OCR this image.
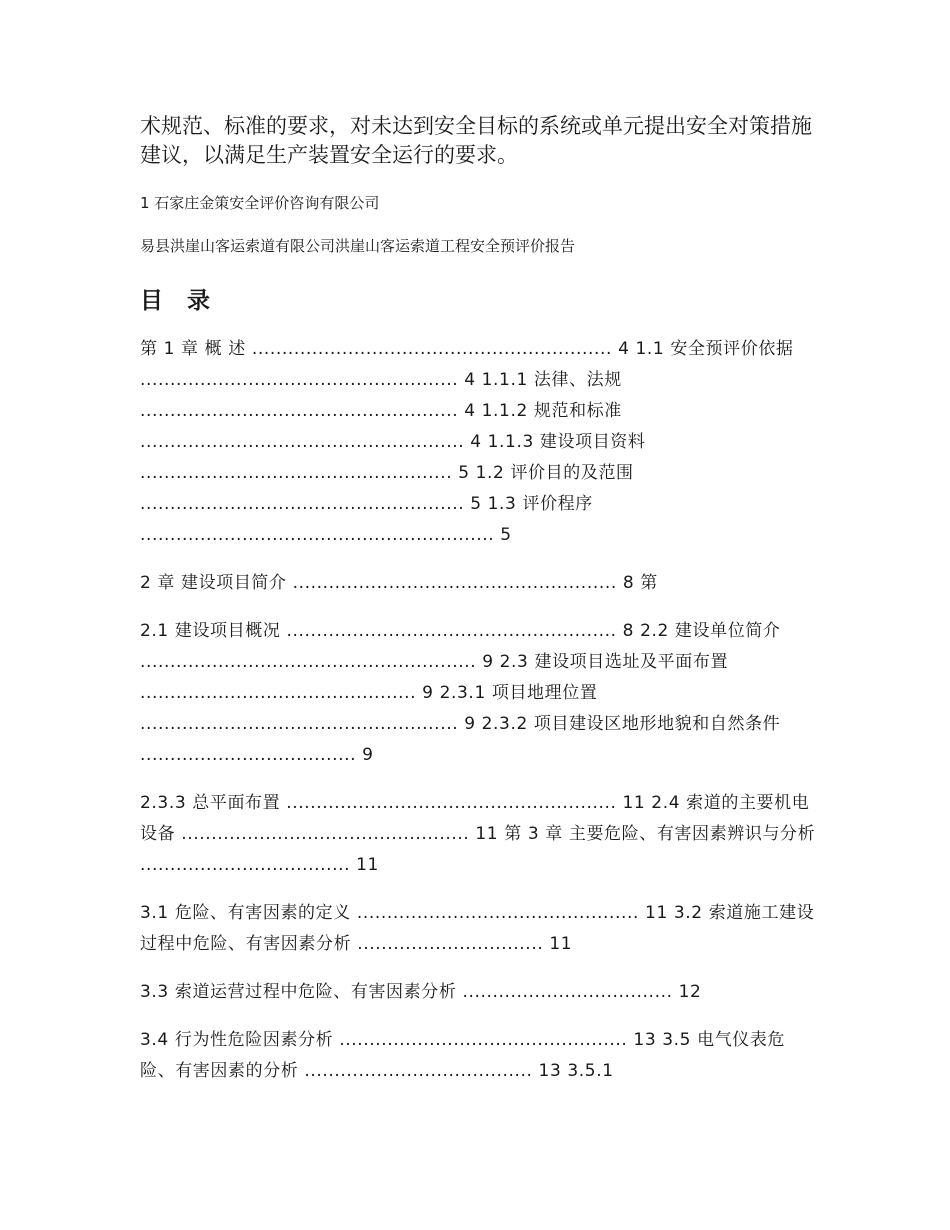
术规范、标准的要求，对未达到安全目标的系统或单元提出安全对策措施建议，以满足生产装置安全运行的要求。

1 石家庄金策安全评价咨询有限公司

易县洪崖山客运索道有限公司洪崖山客运索道工程安全预评价报告

目 录

第 1 章 概 述 ............................................................ 4 1.1 安全预评价依据 ..................................................... 4 1.1.1 法律、法规 ..................................................... 4 1.1.2 规范和标准 ...................................................... 4 1.1.3 建设项目资料 .................................................... 5 1.2 评价目的及范围 ...................................................... 5 1.3 评价程序 ........................................................... 5

2 章 建设项目简介 ...................................................... 8 第

2.1 建设项目概况 ....................................................... 8 2.2 建设单位简介 ........................................................ 9 2.3 建设项目选址及平面布置 .............................................. 9 2.3.1 项目地理位置 ..................................................... 9 2.3.2 项目建设区地形地貌和自然条件 .................................... 9

2.3.3 总平面布置 ....................................................... 11 2.4 索道的主要机电设备 ................................................ 11 第 3 章 主要危险、有害因素辨识与分析 ................................... 11

3.1 危险、有害因素的定义 ............................................... 11 3.2 索道施工建设过程中危险、有害因素分析 ............................... 11

3.3 索道运营过程中危险、有害因素分析 ................................... 12

3.4 行为性危险因素分析 ................................................ 13 3.5 电气仪表危险、有害因素的分析 ...................................... 13 3.5.1
